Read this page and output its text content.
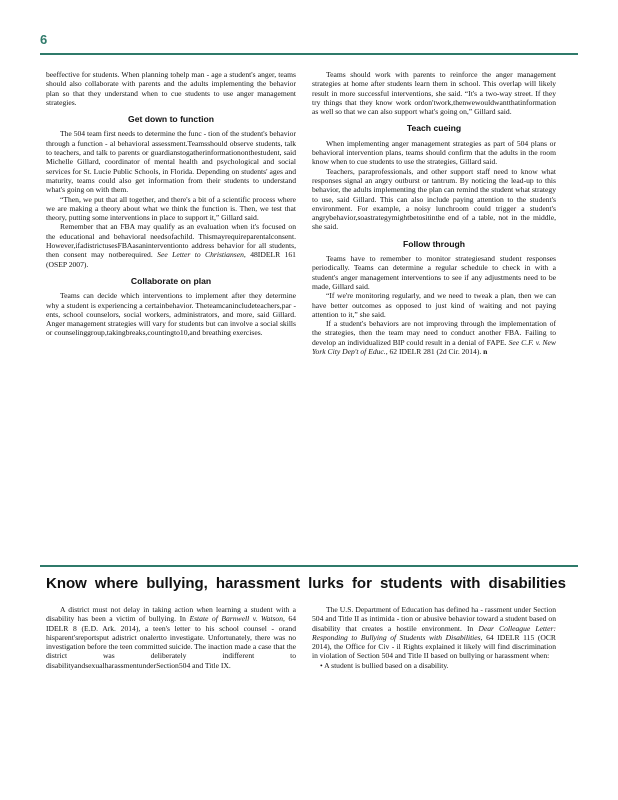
6

beeffective for students. When planning tohelp man - age a student's anger, teams should also collaborate with parents and the adults implementing the behavior plan so that they understand when to cue students to use anger management strategies.

Get down to function

The 504 team first needs to determine the func - tion of the student's behavior through a function - al behavioral assessment.Teamsshould observe students, talk to teachers, and talk to parents or guardianstogatherinformationonthestudent, said Michelle Gillard, coordinator of mental health and psychological and social services for St. Lucie Public Schools, in Florida. Depending on students' ages and maturity, teams could also get information from their students to understand what's going on with them.

“Then, we put that all together, and there's a bit of a scientific process where we are making a theory about what we think the function is. Then, we test that theory, putting some interventions in place to support it,” Gillard said.

Remember that an FBA may qualify as an evaluation when it's focused on the educational and behavioral needsofachild. Thismayrequireparentalconsent. However,ifadistrictusesFBAasaninterventionto address behavior for all students, then consent may notberequired. See Letter to Christiansen, 48IDELR 161 (OSEP 2007).

Collaborate on plan

Teams can decide which interventions to implement after they determine why a student is experiencing a certainbehavior. Theteamcanincludeteachers,par - ents, school counselors, social workers, administrators, and more, said Gillard. Anger management strategies will vary for students but can involve a social skills or counselinggroup,takingbreaks,countingto10,and breathing exercises.

Teams should work with parents to reinforce the anger management strategies at home after students learn them in school. This overlap will likely result in more successful interventions, she said. “It's a two-way street. If they try things that they know work ordon'twork,thenwewouldwantthatinformation as well so that we can also support what's going on,” Gillard said.

Teach cueing

When implementing anger management strategies as part of 504 plans or behavioral intervention plans, teams should confirm that the adults in the room know when to cue students to use the strategies, Gillard said.

Teachers, paraprofessionals, and other support staff need to know what responses signal an angry outburst or tantrum. By noticing the lead-up to this behavior, the adults implementing the plan can remind the student what strategy to use, said Gillard. This can also include paying attention to the student's environment. For example, a noisy lunchroom could trigger a student's angrybehavior,soastrategymightbetositinthe end of a table, not in the middle, she said.

Follow through

Teams have to remember to monitor strategiesand student responses periodically. Teams can determine a regular schedule to check in with a student's anger management interventions to see if any adjustments need to be made, Gillard said.

“If we're monitoring regularly, and we need to tweak a plan, then we can have better outcomes as opposed to just kind of waiting and not paying attention to it,” she said.

If a student's behaviors are not improving through the implementation of the strategies, then the team may need to conduct another FBA. Failing to develop an individualized BIP could result in a denial of FAPE. See C.F. v. New York City Dep't of Educ., 62 IDELR 281 (2d Cir. 2014). n

Know where bullying, harassment lurks for students with disabilities

A district must not delay in taking action when learning a student with a disability has been a victim of bullying. In Estate of Barnwell v. Watson, 64 IDELR 8 (E.D. Ark. 2014), a teen's letter to his school counsel - orand hisparent'sreportsput adistrict onalertto investigate. Unfortunately, there was no investigation before the teen committed suicide. The inaction made a case that the district was deliberately indifferent to disabilityandsexualharassmentunderSection504 and Title IX.

The U.S. Department of Education has defined ha - rassment under Section 504 and Title II as intimida - tion or abusive behavior toward a student based on disability that creates a hostile environment. In Dear Colleague Letter: Responding to Bullying of Students with Disabilities, 64 IDELR 115 (OCR 2014), the Office for Civ - il Rights explained it likely will find discrimination in violation of Section 504 and Title II based on bullying or harassment when:

• A student is bullied based on a disability.
